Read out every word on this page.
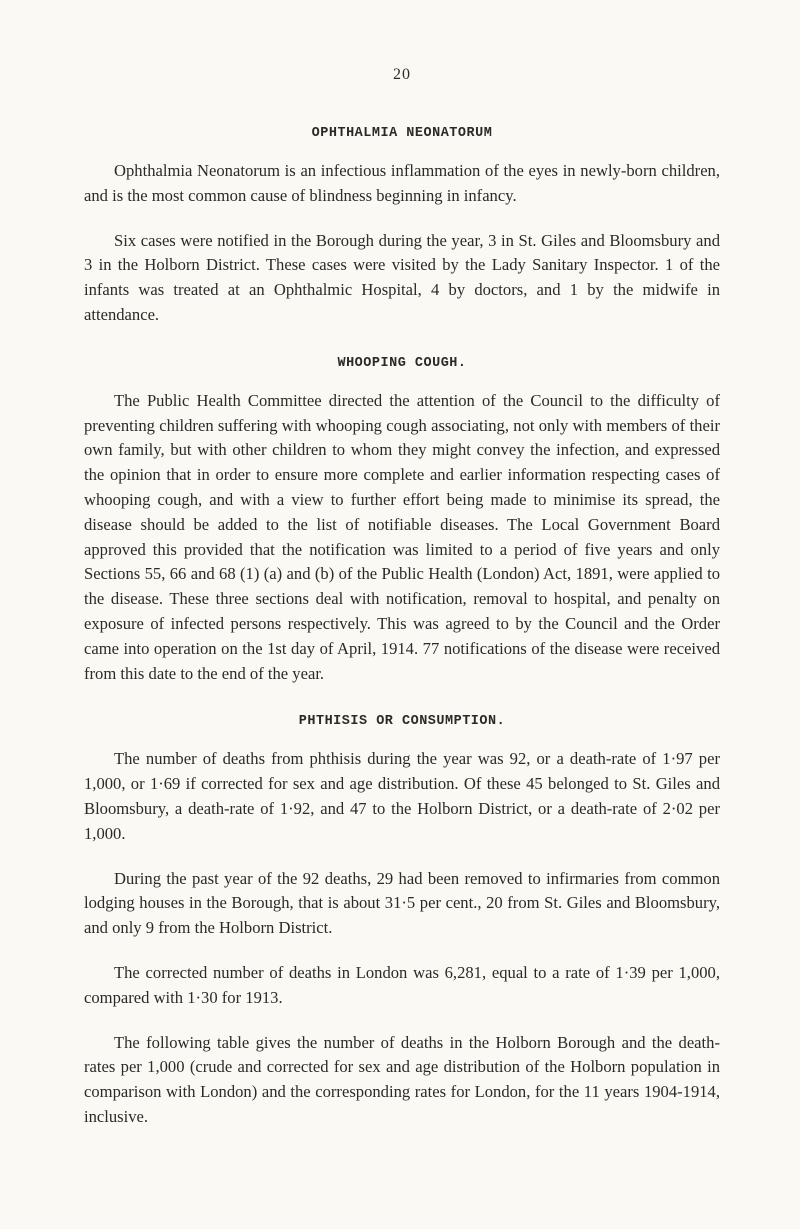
20
OPHTHALMIA NEONATORUM

Ophthalmia Neonatorum is an infectious inflammation of the eyes in newly-born children, and is the most common cause of blindness beginning in infancy.

Six cases were notified in the Borough during the year, 3 in St. Giles and Bloomsbury and 3 in the Holborn District. These cases were visited by the Lady Sanitary Inspector. 1 of the infants was treated at an Ophthalmic Hospital, 4 by doctors, and 1 by the midwife in attendance.

WHOOPING COUGH.

The Public Health Committee directed the attention of the Council to the difficulty of preventing children suffering with whooping cough associating, not only with members of their own family, but with other children to whom they might convey the infection, and expressed the opinion that in order to ensure more complete and earlier information respecting cases of whooping cough, and with a view to further effort being made to minimise its spread, the disease should be added to the list of notifiable diseases. The Local Government Board approved this provided that the notification was limited to a period of five years and only Sections 55, 66 and 68 (1) (a) and (b) of the Public Health (London) Act, 1891, were applied to the disease. These three sections deal with notification, removal to hospital, and penalty on exposure of infected persons respectively. This was agreed to by the Council and the Order came into operation on the 1st day of April, 1914. 77 notifications of the disease were received from this date to the end of the year.

PHTHISIS OR CONSUMPTION.

The number of deaths from phthisis during the year was 92, or a death-rate of 1·97 per 1,000, or 1·69 if corrected for sex and age distribution. Of these 45 belonged to St. Giles and Bloomsbury, a death-rate of 1·92, and 47 to the Holborn District, or a death-rate of 2·02 per 1,000.

During the past year of the 92 deaths, 29 had been removed to infirmaries from common lodging houses in the Borough, that is about 31·5 per cent., 20 from St. Giles and Bloomsbury, and only 9 from the Holborn District.

The corrected number of deaths in London was 6,281, equal to a rate of 1·39 per 1,000, compared with 1·30 for 1913.

The following table gives the number of deaths in the Holborn Borough and the death-rates per 1,000 (crude and corrected for sex and age distribution of the Holborn population in comparison with London) and the corresponding rates for London, for the 11 years 1904-1914, inclusive.
